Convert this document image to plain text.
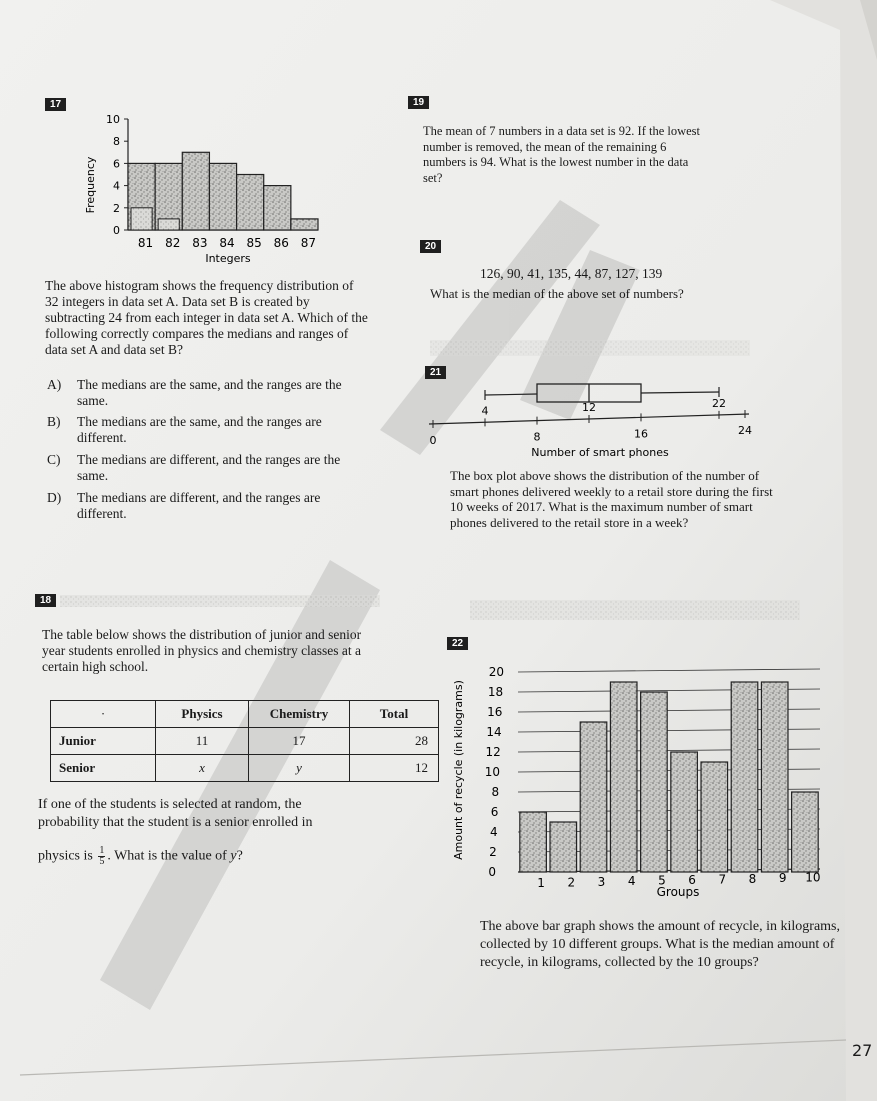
17
Frequency
0
2
4
6
8
10
81 82 83 84 85 86 87
Integers
The above histogram shows the frequency distribution of 32 integers in data set A. Data set B is created by subtracting 24 from each integer in data set A. Which of the following correctly compares the medians and ranges of data set A and data set B?
A) The medians are the same, and the ranges are the same.
B) The medians are the same, and the ranges are different.
C) The medians are different, and the ranges are the same.
D) The medians are different, and the ranges are different.
18
The table below shows the distribution of junior and senior year students enrolled in physics and chemistry classes at a certain high school.
·	Physics	Chemistry	Total
Junior	11	17	28
Senior	x	y	12
If one of the students is selected at random, the
probability that the student is a senior enrolled in
physics is $\frac{1}{5}$ . What is the value of y?
19
The mean of 7 numbers in a data set is 92. If the lowest number is removed, the mean of the remaining 6 numbers is 94. What is the lowest number in the data set?
20
126, 90, 41, 135, 44, 87, 127, 139
What is the median of the above set of numbers?
21
0
4
8
12
16
22
24
Number of smart phones
The box plot above shows the distribution of the number of smart phones delivered weekly to a retail store during the first 10 weeks of 2017. What is the maximum number of smart phones delivered to the retail store in a week?
22
Amount of recycle (in kilograms)
0
2
4
6
8
10
12
14
16
18
20
1 2 3 4 5 6 7 8 9 10
Groups
The above bar graph shows the amount of recycle, in kilograms, collected by 10 different groups. What is the median amount of recycle, in kilograms, collected by the 10 groups?
27
